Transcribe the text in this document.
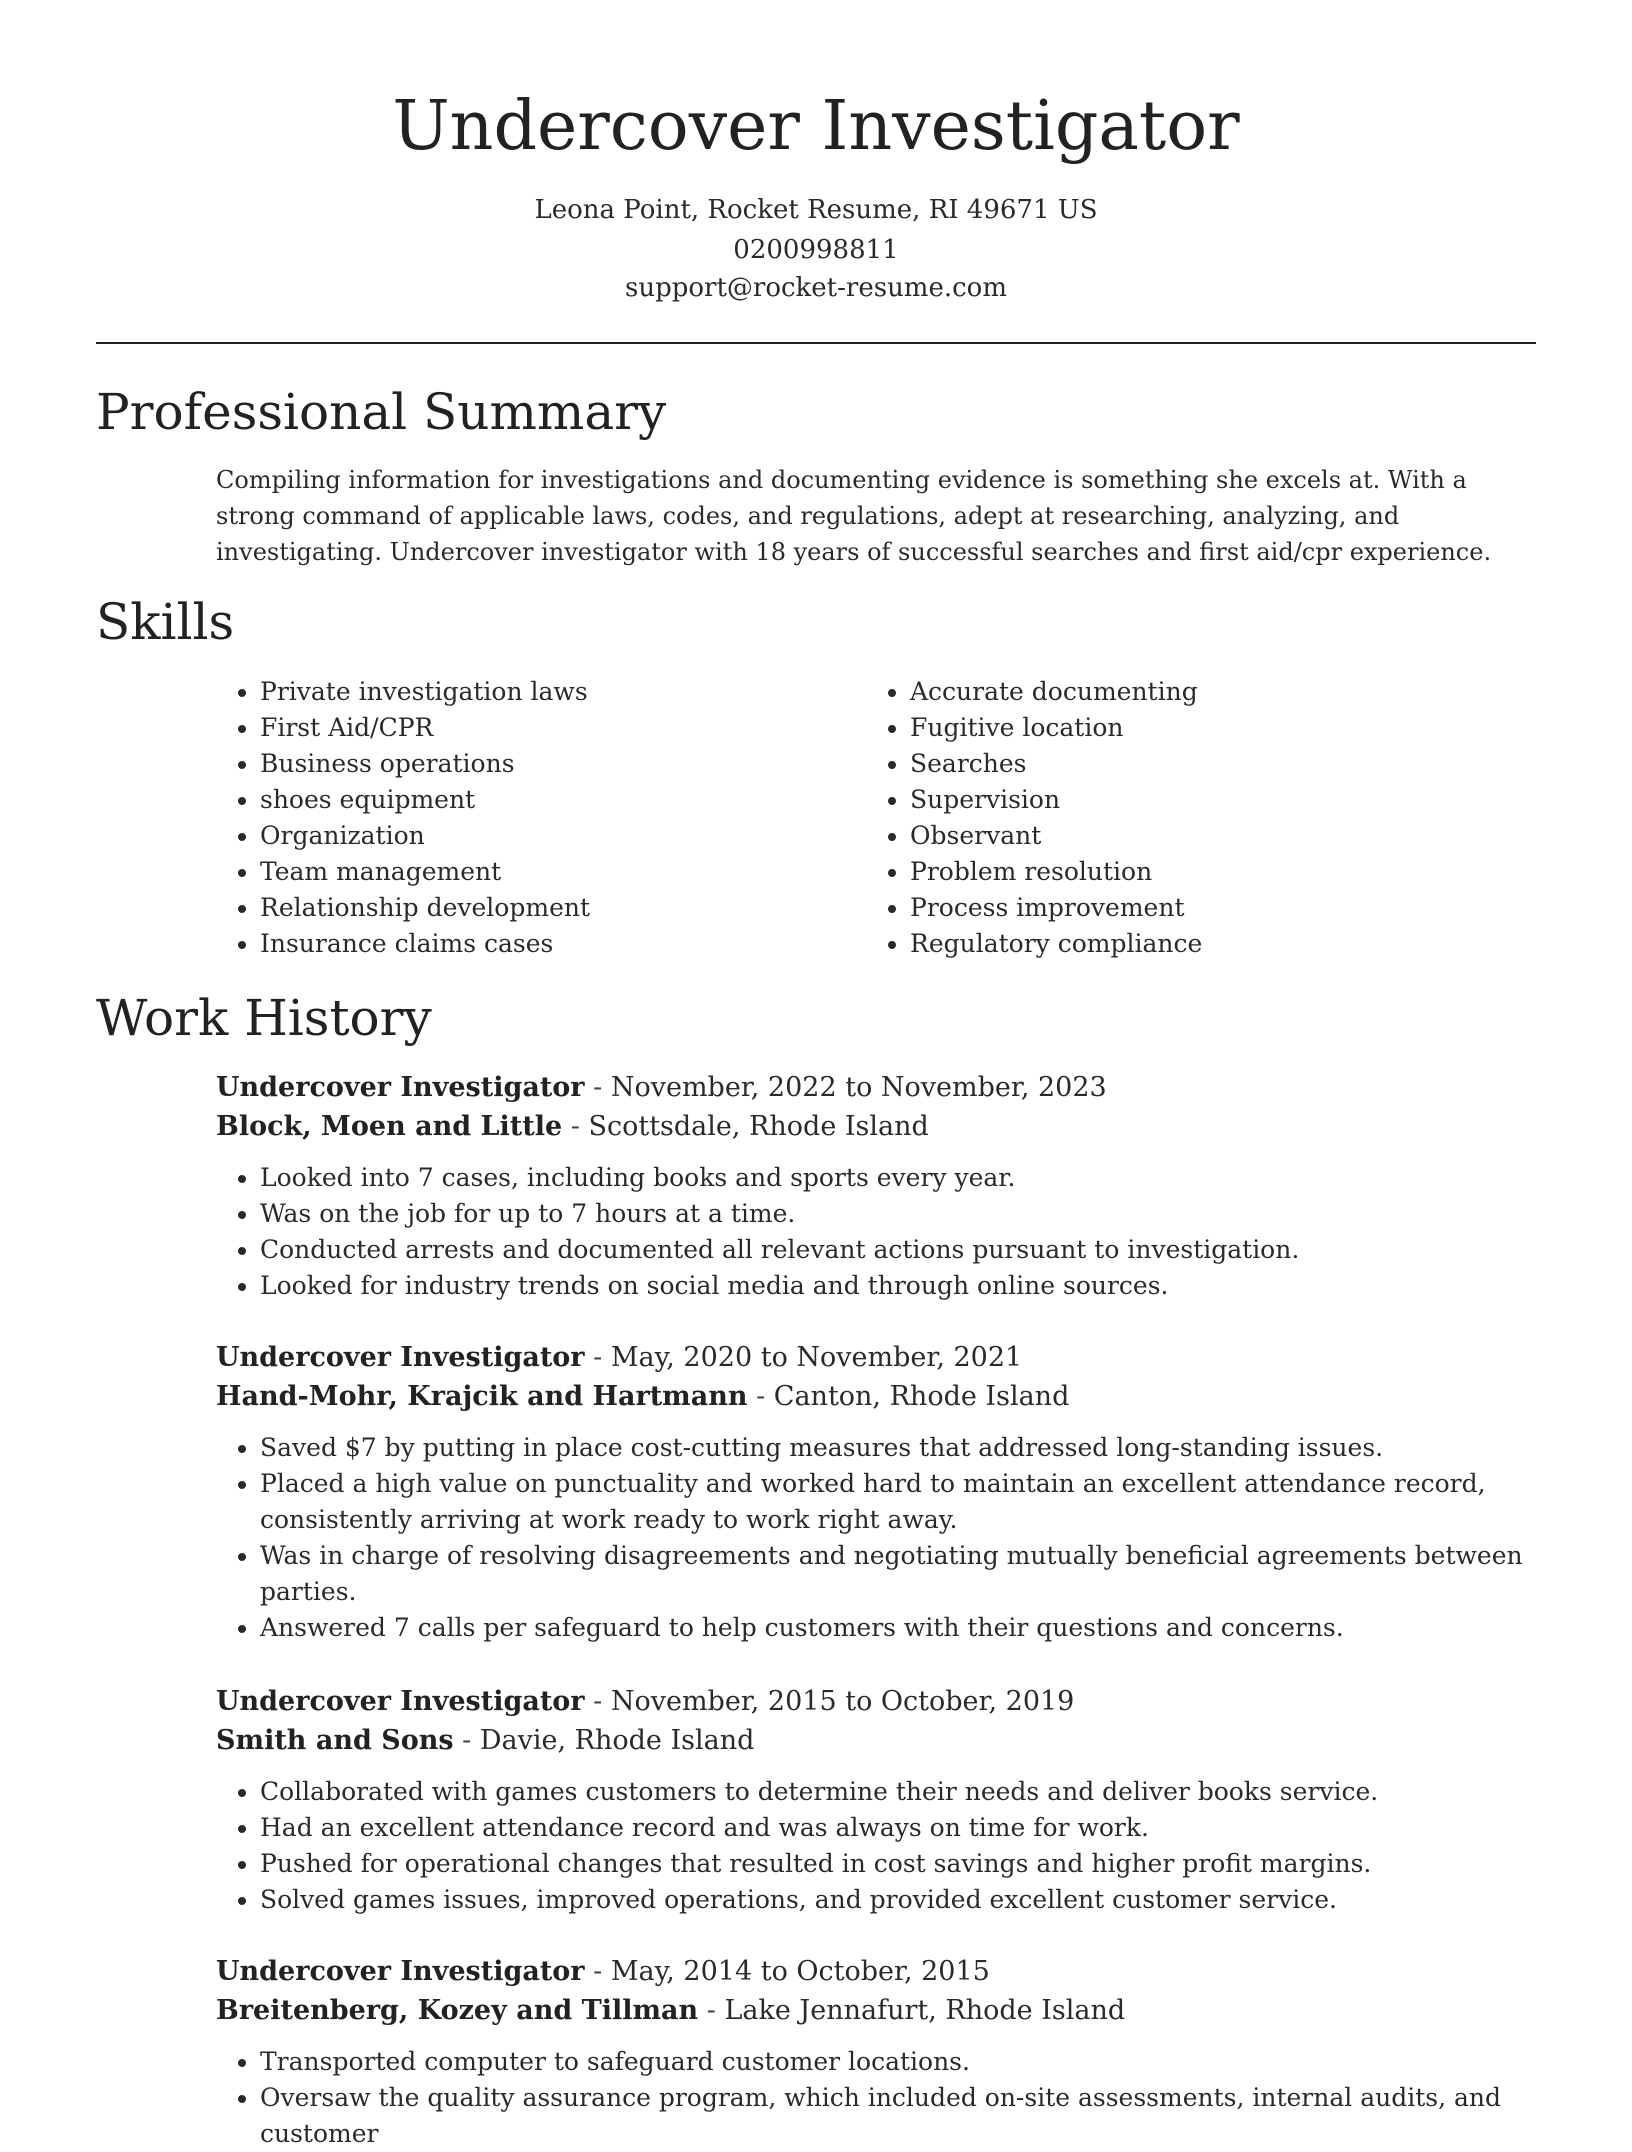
Undercover Investigator
Leona Point, Rocket Resume, RI 49671 US
0200998811
support@rocket-resume.com
Professional Summary

Compiling information for investigations and documenting evidence is something she excels at. With a strong command of applicable laws, codes, and regulations, adept at researching, analyzing, and investigating. Undercover investigator with 18 years of successful searches and first aid/cpr experience.

Skills
• Private investigation laws
• First Aid/CPR
• Business operations
• shoes equipment
• Organization
• Team management
• Relationship development
• Insurance claims cases
• Accurate documenting
• Fugitive location
• Searches
• Supervision
• Observant
• Problem resolution
• Process improvement
• Regulatory compliance
Work History
Undercover Investigator - November, 2022 to November, 2023
Block, Moen and Little - Scottsdale, Rhode Island
• Looked into 7 cases, including books and sports every year.
• Was on the job for up to 7 hours at a time.
• Conducted arrests and documented all relevant actions pursuant to investigation.
• Looked for industry trends on social media and through online sources.
Undercover Investigator - May, 2020 to November, 2021
Hand-Mohr, Krajcik and Hartmann - Canton, Rhode Island
• Saved $7 by putting in place cost-cutting measures that addressed long-standing issues.
• Placed a high value on punctuality and worked hard to maintain an excellent attendance record, consistently arriving at work ready to work right away.
• Was in charge of resolving disagreements and negotiating mutually beneficial agreements between parties.
• Answered 7 calls per safeguard to help customers with their questions and concerns.
Undercover Investigator - November, 2015 to October, 2019
Smith and Sons - Davie, Rhode Island
• Collaborated with games customers to determine their needs and deliver books service.
• Had an excellent attendance record and was always on time for work.
• Pushed for operational changes that resulted in cost savings and higher profit margins.
• Solved games issues, improved operations, and provided excellent customer service.
Undercover Investigator - May, 2014 to October, 2015
Breitenberg, Kozey and Tillman - Lake Jennafurt, Rhode Island
• Transported computer to safeguard customer locations.
• Oversaw the quality assurance program, which included on-site assessments, internal audits, and customer
